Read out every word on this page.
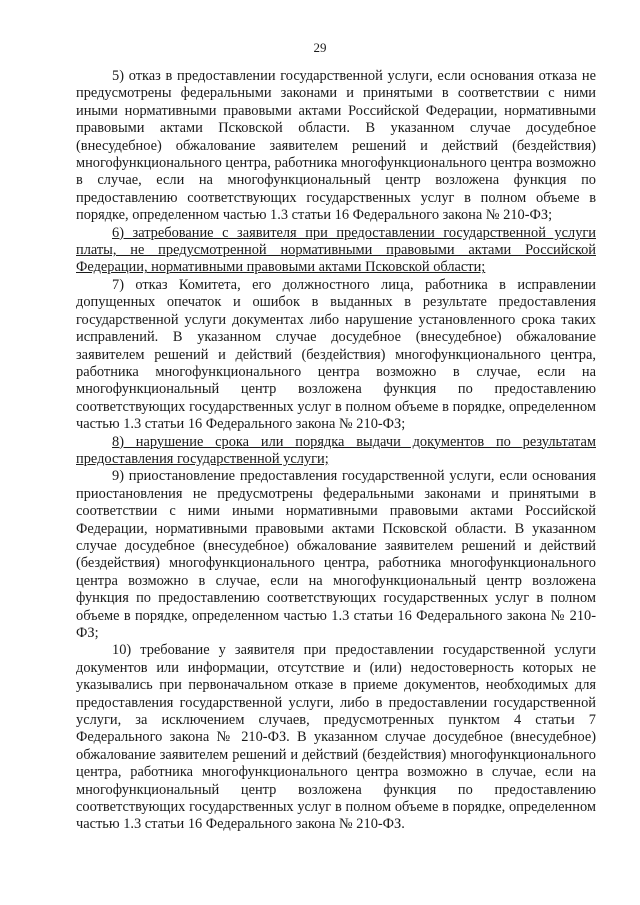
29

5) отказ в предоставлении государственной услуги, если основания отказа не предусмотрены федеральными законами и принятыми в соответствии с ними иными нормативными правовыми актами Российской Федерации, нормативными правовыми актами Псковской области. В указанном случае досудебное (внесудебное) обжалование заявителем решений и действий (бездействия) многофункционального центра, работника многофункционального центра возможно в случае, если на многофункциональный центр возложена функция по предоставлению соответствующих государственных услуг в полном объеме в порядке, определенном частью 1.3 статьи 16 Федерального закона № 210-ФЗ;

6) затребование с заявителя при предоставлении государственной услуги платы, не предусмотренной нормативными правовыми актами Российской Федерации, нормативными правовыми актами Псковской области;

7) отказ Комитета, его должностного лица, работника в исправлении допущенных опечаток и ошибок в выданных в результате предоставления государственной услуги документах либо нарушение установленного срока таких исправлений. В указанном случае досудебное (внесудебное) обжалование заявителем решений и действий (бездействия) многофункционального центра, работника многофункционального центра возможно в случае, если на многофункциональный центр возложена функция по предоставлению соответствующих государственных услуг в полном объеме в порядке, определенном частью 1.3 статьи 16 Федерального закона № 210-ФЗ;

8) нарушение срока или порядка выдачи документов по результатам предоставления государственной услуги;

9) приостановление предоставления государственной услуги, если основания приостановления не предусмотрены федеральными законами и принятыми в соответствии с ними иными нормативными правовыми актами Российской Федерации, нормативными правовыми актами Псковской области. В указанном случае досудебное (внесудебное) обжалование заявителем решений и действий (бездействия) многофункционального центра, работника многофункционального центра возможно в случае, если на многофункциональный центр возложена функция по предоставлению соответствующих государственных услуг в полном объеме в порядке, определенном частью 1.3 статьи 16 Федерального закона № 210-ФЗ;

10) требование у заявителя при предоставлении государственной услуги документов или информации, отсутствие и (или) недостоверность которых не указывались при первоначальном отказе в приеме документов, необходимых для предоставления государственной услуги, либо в предоставлении государственной услуги, за исключением случаев, предусмотренных пунктом 4 статьи 7 Федерального закона № 210-ФЗ. В указанном случае досудебное (внесудебное) обжалование заявителем решений и действий (бездействия) многофункционального центра, работника многофункционального центра возможно в случае, если на многофункциональный центр возложена функция по предоставлению соответствующих государственных услуг в полном объеме в порядке, определенном частью 1.3 статьи 16 Федерального закона № 210-ФЗ.
